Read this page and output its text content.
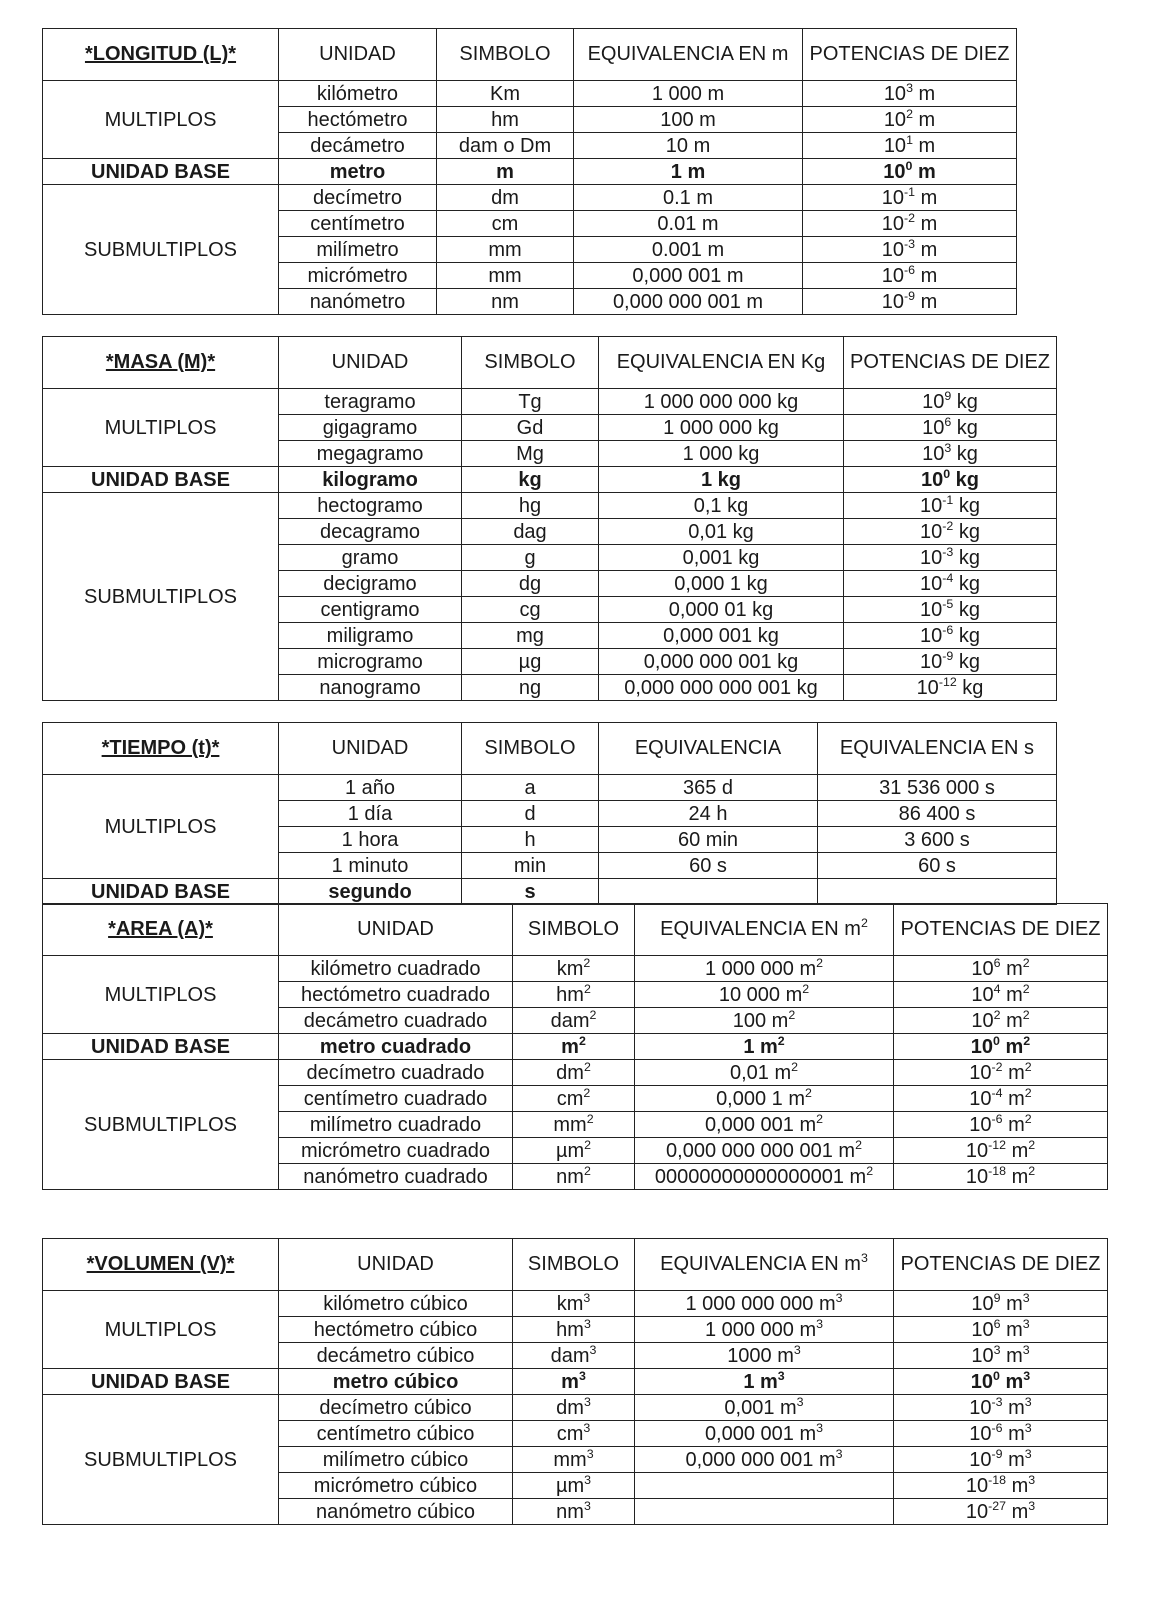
*LONGITUD (L)*	UNIDAD	SIMBOLO	EQUIVALENCIA EN m	POTENCIAS DE DIEZ
MULTIPLOS	kilómetro	Km	1 000 m	$10^3$ m
	hectómetro	hm	100 m	$10^2$ m
	decámetro	dam o Dm	10 m	$10^1$ m
UNIDAD BASE	metro	m	1 m	$10^0$ m
SUBMULTIPLOS	decímetro	dm	0.1 m	$10^{-1}$ m
	centímetro	cm	0.01 m	$10^{-2}$ m
	milímetro	mm	0.001 m	$10^{-3}$ m
	micrómetro	mm	0,000 001 m	$10^{-6}$ m
	nanómetro	nm	0,000 000 001 m	$10^{-9}$ m
*MASA (M)*	UNIDAD	SIMBOLO	EQUIVALENCIA EN Kg	POTENCIAS DE DIEZ
MULTIPLOS	teragramo	Tg	1 000 000 000 kg	$10^9$ kg
	gigagramo	Gd	1 000 000 kg	$10^6$ kg
	megagramo	Mg	1 000 kg	$10^3$ kg
UNIDAD BASE	kilogramo	kg	1 kg	$10^0$ kg
SUBMULTIPLOS	hectogramo	hg	0,1 kg	$10^{-1}$ kg
	decagramo	dag	0,01 kg	$10^{-2}$ kg
	gramo	g	0,001 kg	$10^{-3}$ kg
	decigramo	dg	0,000 1 kg	$10^{-4}$ kg
	centigramo	cg	0,000 01 kg	$10^{-5}$ kg
	miligramo	mg	0,000 001 kg	$10^{-6}$ kg
	microgramo	µg	0,000 000 001 kg	$10^{-9}$ kg
	nanogramo	ng	0,000 000 000 001 kg	$10^{-12}$ kg
*TIEMPO (t)*	UNIDAD	SIMBOLO	EQUIVALENCIA	EQUIVALENCIA EN s
MULTIPLOS	1 año	a	365 d	31 536 000 s
	1 día	d	24 h	86 400 s
	1 hora	h	60 min	3 600 s
	1 minuto	min	60 s	60 s
UNIDAD BASE	segundo	s		
*AREA (A)*	UNIDAD	SIMBOLO	EQUIVALENCIA EN $m^2$	POTENCIAS DE DIEZ
MULTIPLOS	kilómetro cuadrado	$km^2$	1 000 000 $m^2$	$10^6$ $m^2$
	hectómetro cuadrado	$hm^2$	10 000 $m^2$	$10^4$ $m^2$
	decámetro cuadrado	dam$^2$	100 $m^2$	$10^2$ $m^2$
UNIDAD BASE	metro cuadrado	$m^2$	1 $m^2$	$10^0$ $m^2$
SUBMULTIPLOS	decímetro cuadrado	$dm^2$	0,01 $m^2$	$10^{-2}$ $m^2$
	centímetro cuadrado	$cm^2$	0,000 1 $m^2$	$10^{-4}$ $m^2$
	milímetro cuadrado	$mm^2$	0,000 001 $m^2$	$10^{-6}$ $m^2$
	micrómetro cuadrado	µm$^2$	0,000 000 000 001 $m^2$	$10^{-12}$ $m^2$
	nanómetro cuadrado	$nm^2$	00000000000000001 $m^2$	$10^{-18}$ $m^2$
*VOLUMEN (V)*	UNIDAD	SIMBOLO	EQUIVALENCIA EN $m^3$	POTENCIAS DE DIEZ
MULTIPLOS	kilómetro cúbico	$km^3$	1 000 000 000 $m^3$	$10^9$ $m^3$
	hectómetro cúbico	$hm^3$	1 000 000 $m^3$	$10^6$ $m^3$
	decámetro cúbico	dam$^3$	1000 $m^3$	$10^3$ $m^3$
UNIDAD BASE	metro cúbico	$m^3$	1 $m^3$	$10^0$ $m^3$
SUBMULTIPLOS	decímetro cúbico	$dm^3$	0,001 $m^3$	$10^{-3}$ $m^3$
	centímetro cúbico	$cm^3$	0,000 001 $m^3$	$10^{-6}$ $m^3$
	milímetro cúbico	$mm^3$	0,000 000 001 $m^3$	$10^{-9}$ $m^3$
	micrómetro cúbico	µm$^3$		$10^{-18}$ $m^3$
	nanómetro cúbico	$nm^3$		$10^{-27}$ $m^3$
